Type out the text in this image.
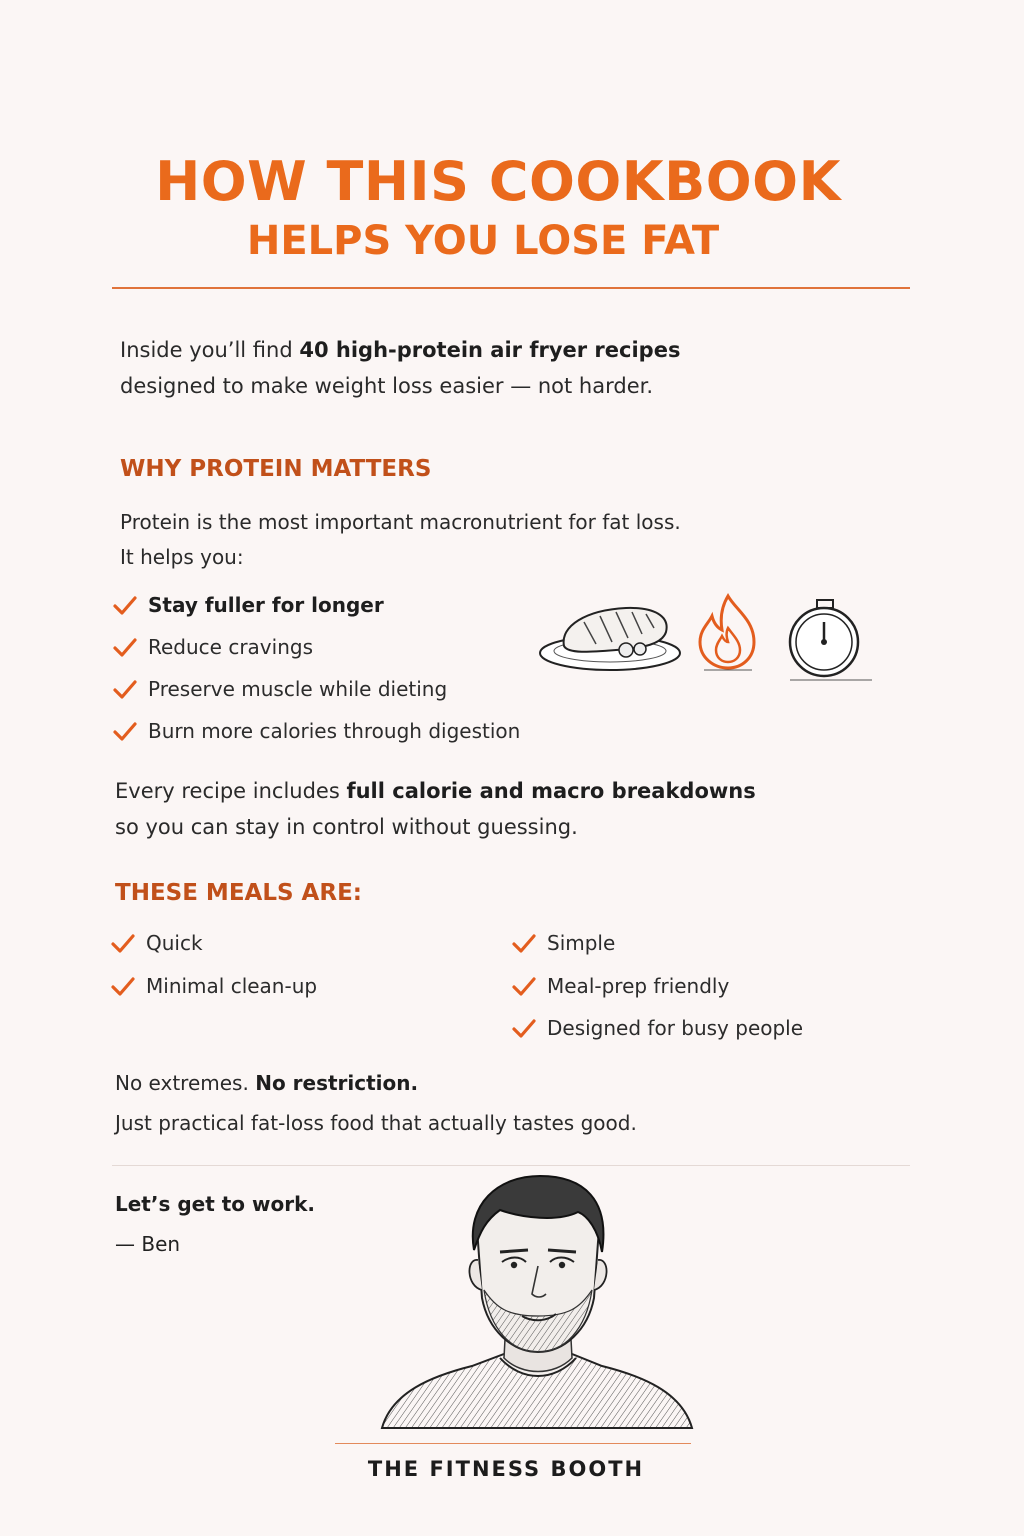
HOW THIS COOKBOOK
HELPS YOU LOSE FAT
Inside you’ll find 40 high-protein air fryer recipes
designed to make weight loss easier — not harder.
WHY PROTEIN MATTERS
Protein is the most important macronutrient for fat loss.
It helps you:
Stay fuller for longer
Reduce cravings
Preserve muscle while dieting
Burn more calories through digestion
Every recipe includes full calorie and macro breakdowns
so you can stay in control without guessing.
THESE MEALS ARE:
Quick
Minimal clean-up
Simple
Meal-prep friendly
Designed for busy people
No extremes. No restriction.
Just practical fat-loss food that actually tastes good.
Let’s get to work.
— Ben
THE FITNESS BOOTH
